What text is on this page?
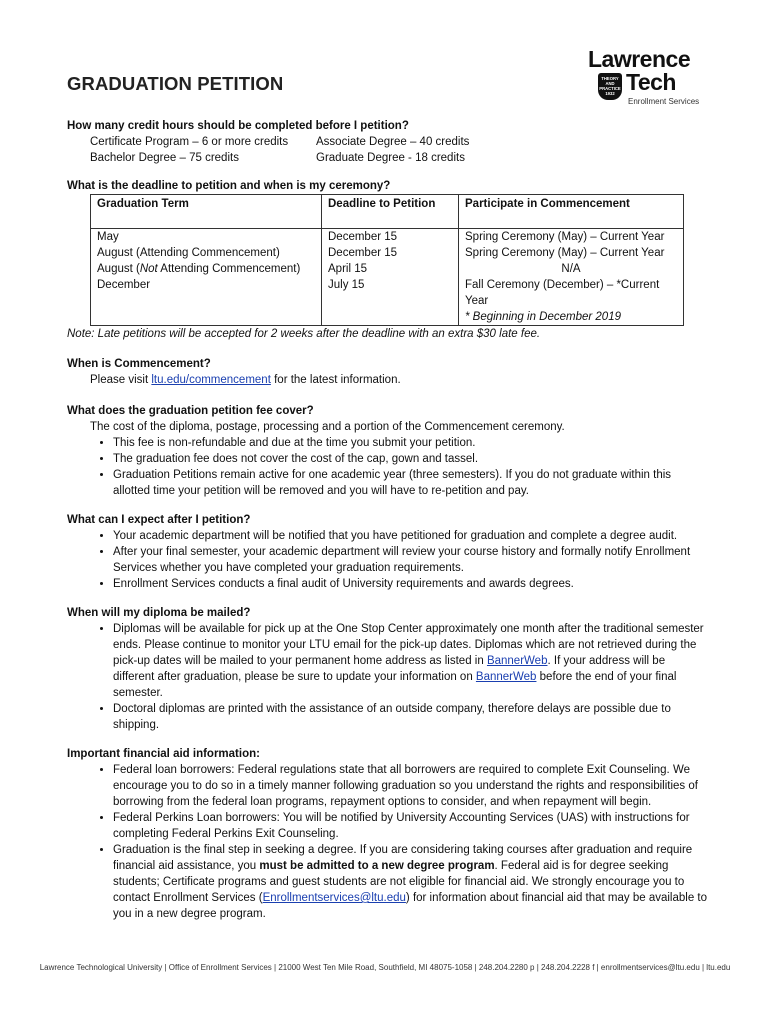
GRADUATION PETITION
Lawrence
THEORY AND PRACTICE 1932 Tech
Enrollment Services
How many credit hours should be completed before I petition?
Certificate Program – 6 or more credits	Associate Degree – 40 credits
Bachelor Degree – 75 credits	Graduate Degree - 18 credits
What is the deadline to petition and when is my ceremony?
Graduation Term	Deadline to Petition	Participate in Commencement
May	December 15	Spring Ceremony (May) – Current Year
August (Attending Commencement)	December 15	Spring Ceremony (May) – Current Year
August (Not Attending Commencement)	April 15	N/A
December	July 15	Fall Ceremony (December) – *Current Year
* Beginning in December 2019
Note: Late petitions will be accepted for 2 weeks after the deadline with an extra $30 late fee.
When is Commencement?
Please visit ltu.edu/commencement for the latest information.
What does the graduation petition fee cover?
The cost of the diploma, postage, processing and a portion of the Commencement ceremony.
• This fee is non-refundable and due at the time you submit your petition.
• The graduation fee does not cover the cost of the cap, gown and tassel.
• Graduation Petitions remain active for one academic year (three semesters). If you do not graduate within this allotted time your petition will be removed and you will have to re-petition and pay.
What can I expect after I petition?
• Your academic department will be notified that you have petitioned for graduation and complete a degree audit.
• After your final semester, your academic department will review your course history and formally notify Enrollment Services whether you have completed your graduation requirements.
• Enrollment Services conducts a final audit of University requirements and awards degrees.
When will my diploma be mailed?
• Diplomas will be available for pick up at the One Stop Center approximately one month after the traditional semester ends. Please continue to monitor your LTU email for the pick-up dates. Diplomas which are not retrieved during the pick-up dates will be mailed to your permanent home address as listed in BannerWeb. If your address will be different after graduation, please be sure to update your information on BannerWeb before the end of your final semester.
• Doctoral diplomas are printed with the assistance of an outside company, therefore delays are possible due to shipping.
Important financial aid information:
• Federal loan borrowers: Federal regulations state that all borrowers are required to complete Exit Counseling. We encourage you to do so in a timely manner following graduation so you understand the rights and responsibilities of borrowing from the federal loan programs, repayment options to consider, and when repayment will begin.
• Federal Perkins Loan borrowers: You will be notified by University Accounting Services (UAS) with instructions for completing Federal Perkins Exit Counseling.
• Graduation is the final step in seeking a degree. If you are considering taking courses after graduation and require financial aid assistance, you must be admitted to a new degree program. Federal aid is for degree seeking students; Certificate programs and guest students are not eligible for financial aid. We strongly encourage you to contact Enrollment Services (Enrollmentservices@ltu.edu) for information about financial aid that may be available to you in a new degree program.
Lawrence Technological University | Office of Enrollment Services | 21000 West Ten Mile Road, Southfield, MI 48075-1058 | 248.204.2280 p | 248.204.2228 f | enrollmentservices@ltu.edu | ltu.edu
